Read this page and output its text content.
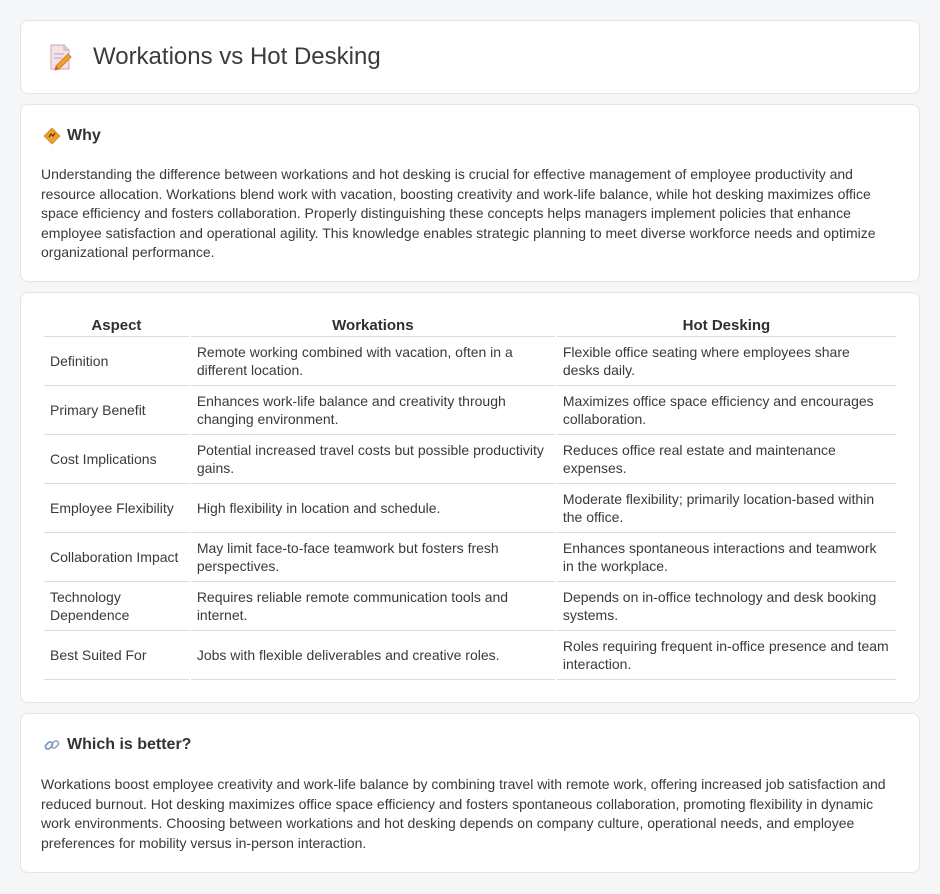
Workations vs Hot Desking
Why

Understanding the difference between workations and hot desking is crucial for effective management of employee productivity and resource allocation. Workations blend work with vacation, boosting creativity and work-life balance, while hot desking maximizes office space efficiency and fosters collaboration. Properly distinguishing these concepts helps managers implement policies that enhance employee satisfaction and operational agility. This knowledge enables strategic planning to meet diverse workforce needs and optimize organizational performance.

Aspect	Workations	Hot Desking
Definition	Remote working combined with vacation, often in a different location.	Flexible office seating where employees share desks daily.
Primary Benefit	Enhances work-life balance and creativity through changing environment.	Maximizes office space efficiency and encourages collaboration.
Cost Implications	Potential increased travel costs but possible productivity gains.	Reduces office real estate and maintenance expenses.
Employee Flexibility	High flexibility in location and schedule.	Moderate flexibility; primarily location-based within the office.
Collaboration Impact	May limit face-to-face teamwork but fosters fresh perspectives.	Enhances spontaneous interactions and teamwork in the workplace.
Technology Dependence	Requires reliable remote communication tools and internet.	Depends on in-office technology and desk booking systems.
Best Suited For	Jobs with flexible deliverables and creative roles.	Roles requiring frequent in-office presence and team interaction.
Which is better?

Workations boost employee creativity and work-life balance by combining travel with remote work, offering increased job satisfaction and reduced burnout. Hot desking maximizes office space efficiency and fosters spontaneous collaboration, promoting flexibility in dynamic work environments. Choosing between workations and hot desking depends on company culture, operational needs, and employee preferences for mobility versus in-person interaction.
